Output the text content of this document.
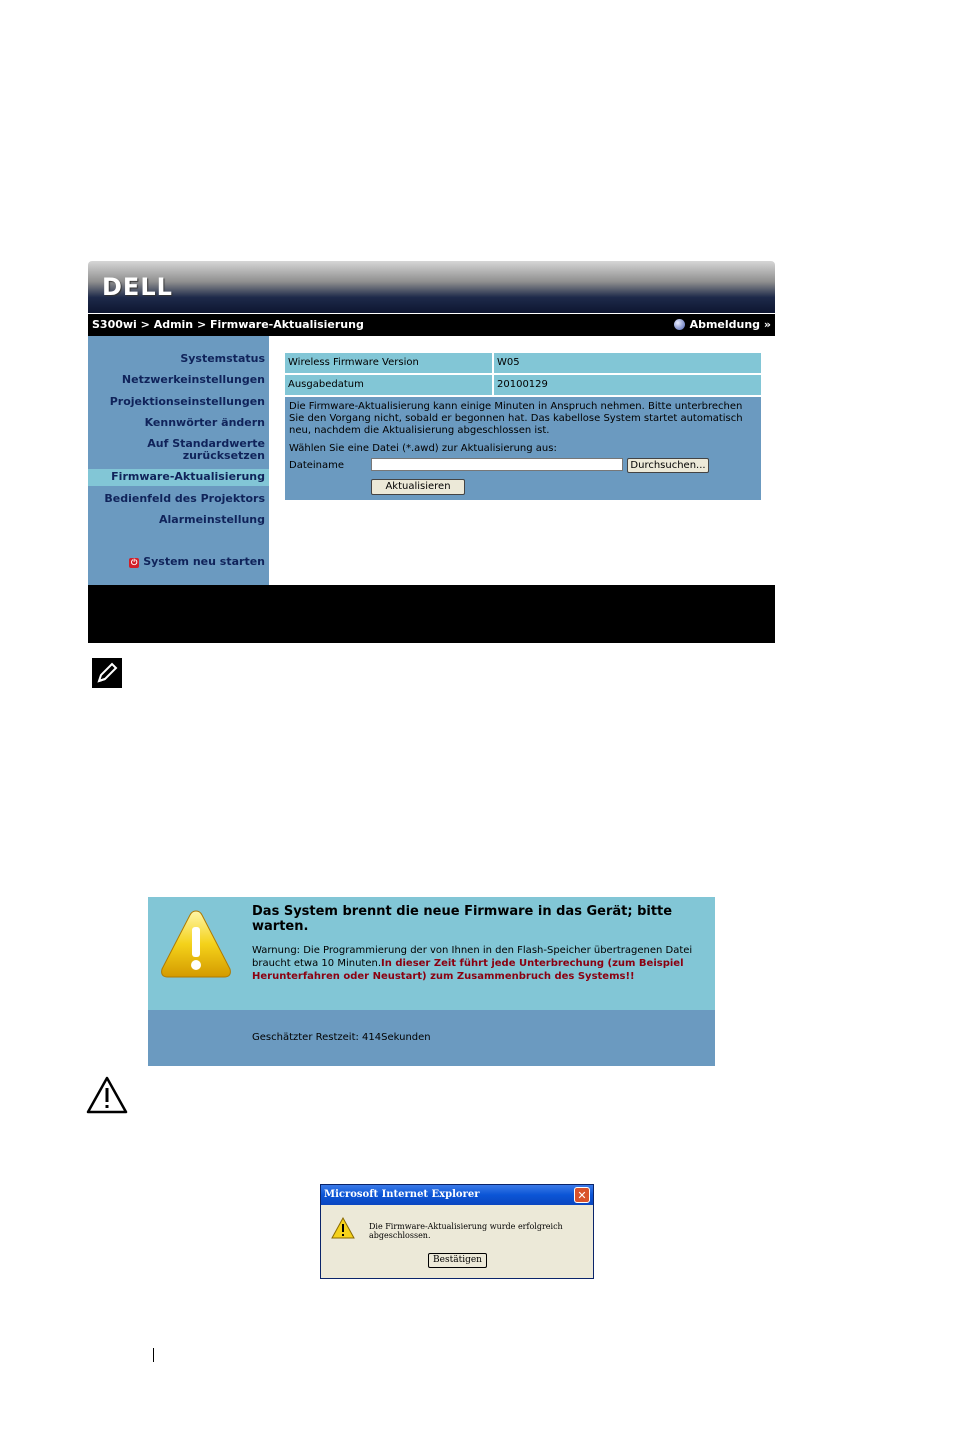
DELL
S300wi > Admin > Firmware-Aktualisierung	Abmeldung »
Systemstatus
Netzwerkeinstellungen
Projektionseinstellungen
Kennwörter ändern
Auf Standardwerte
zurücksetzen
Firmware-Aktualisierung
Bedienfeld des Projektors
Alarmeinstellung
⏻ System neu starten
Wireless Firmware Version	W05
Ausgabedatum	20100129
Die Firmware-Aktualisierung kann einige Minuten in Anspruch nehmen. Bitte unterbrechen Sie den Vorgang nicht, sobald er begonnen hat. Das kabellose System startet automatisch neu, nachdem die Aktualisierung abgeschlossen ist.
Wählen Sie eine Datei (*.awd) zur Aktualisierung aus:
Dateiname	Durchsuchen...
Aktualisieren
Das System brennt die neue Firmware in das Gerät; bitte warten.
Warnung: Die Programmierung der von Ihnen in den Flash-Speicher übertragenen Datei braucht etwa 10 Minuten.In dieser Zeit führt jede Unterbrechung (zum Beispiel Herunterfahren oder Neustart) zum Zusammenbruch des Systems!!
Geschätzter Restzeit: 414Sekunden
Microsoft Internet Explorer	✕
Die Firmware-Aktualisierung wurde erfolgreich abgeschlossen.
Bestätigen
